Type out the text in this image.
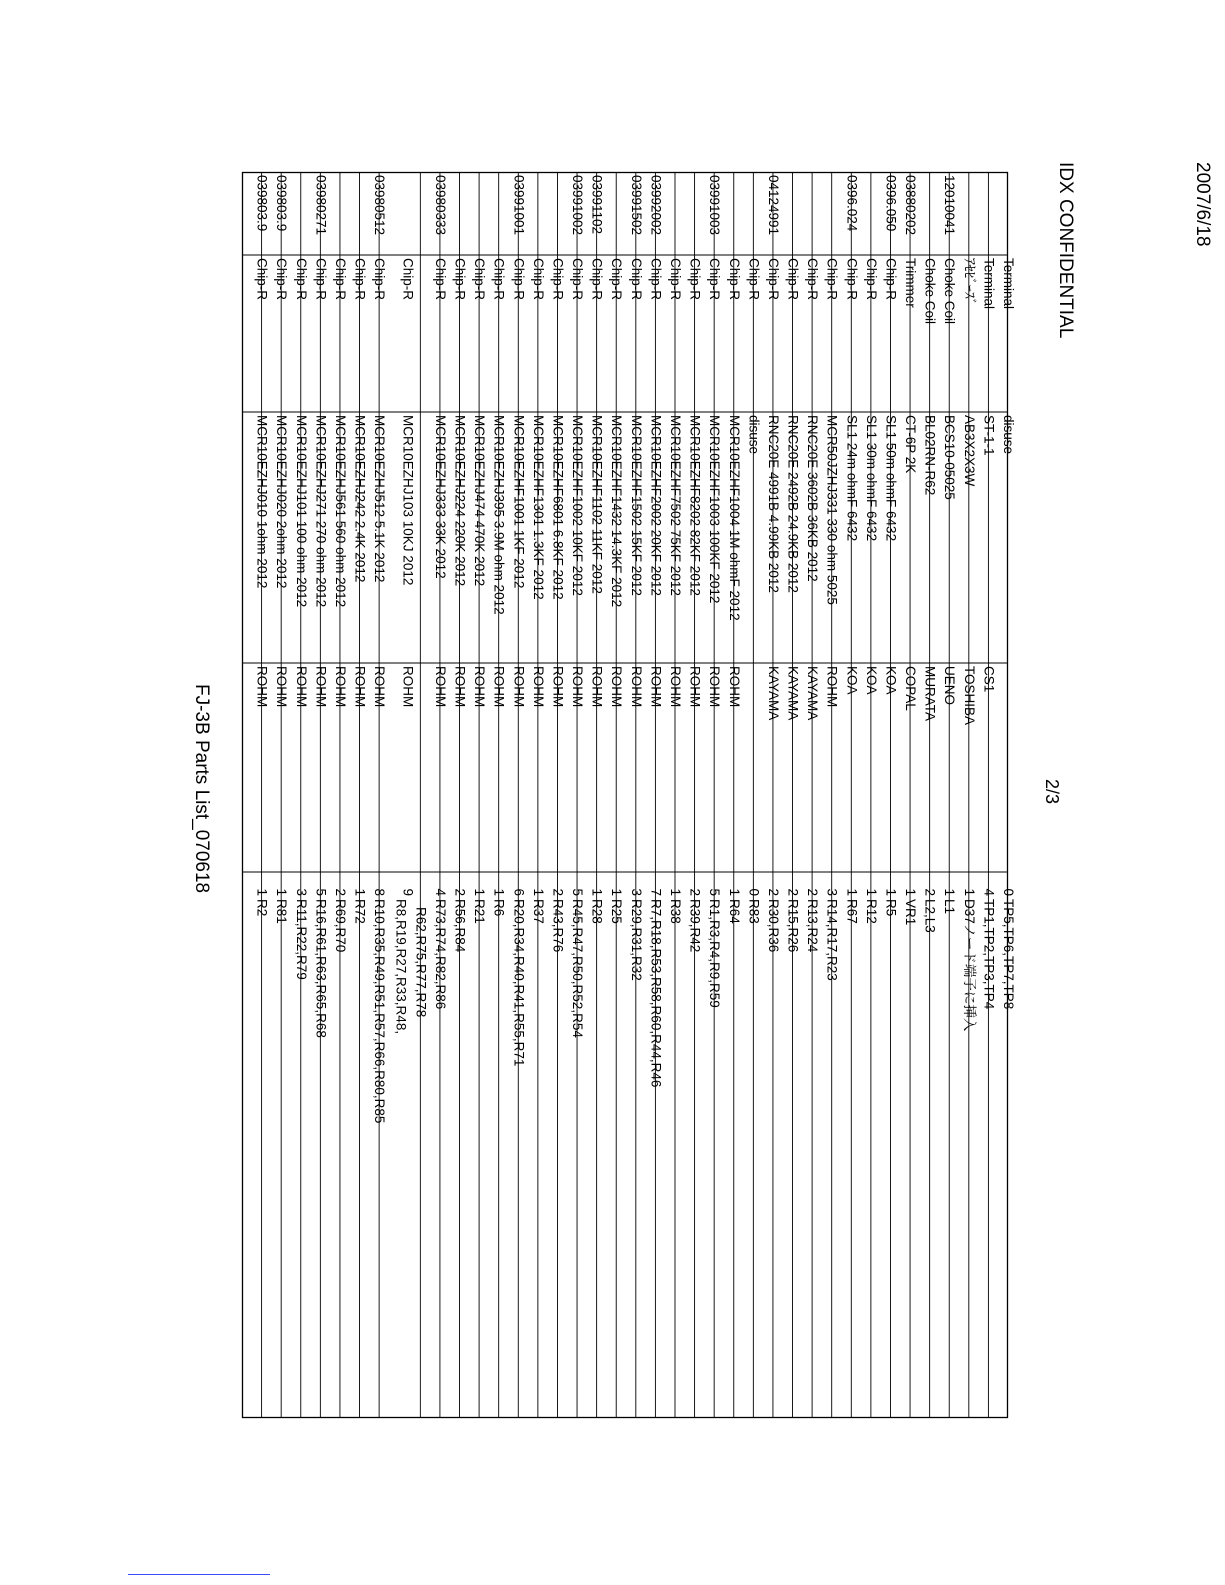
2007/6/18
FJ-3B Parts List_070618	2/3
IDX CONFIDENTIAL
039803.9
Chip-R
MCR10EZHJ010 1ohm 2012
ROHM
1
R2
039803.9
Chip-R
MCR10EZHJ020 2ohm 2012
ROHM
1
R81
Chip-R
MCR10EZHJ101 100 ohm 2012
ROHM
3
R11,R22,R79
03980271
Chip-R
MCR10EZHJ271 270 ohm 2012
ROHM
5
R16,R61,R63,R65,R68
Chip-R
MCR10EZHJ561 560 ohm 2012
ROHM
2
R69,R70
Chip-R
MCR10EZHJ242 2.4K 2012
ROHM
1
R72
03980512
Chip-R
MCR10EZHJ512 5.1K 2012
ROHM
8
R10,R35,R49,R51,R57,R66,R80,R85
Chip-R
MCR10EZHJ103 10KJ 2012
ROHM
9
R8,R19,R27,R33,R48, R62,R75,R77,R78
03980333
Chip-R
MCR10EZHJ333 33K 2012
ROHM
4
R73,R74,R82,R86
Chip-R
MCR10EZHJ224 220K 2012
ROHM
2
R56,R84
Chip-R
MCR10EZHJ474 470K 2012
ROHM
1
R21
Chip-R
MCR10EZHJ395 3.9M ohm 2012
ROHM
1
R6
03991001
Chip-R
MCR10EZHF1001 1KF 2012
ROHM
6
R20,R34,R40,R41,R55,R71
Chip-R
MCR10EZHF1301 1.3KF 2012
ROHM
1
R37
Chip-R
MCR10EZHF6801 6.8KF 2012
ROHM
2
R43,R76
03991002
Chip-R
MCR10EZHF1002 10KF 2012
ROHM
5
R45,R47,R50,R52,R54
03991102
Chip-R
MCR10EZHF1102 11KF 2012
ROHM
1
R28
Chip-R
MCR10EZHF1432 14.3KF 2012
ROHM
1
R25
03991502
Chip-R
MCR10EZHF1502 15KF 2012
ROHM
3
R29,R31,R32
03992002
Chip-R
MCR10EZHF2002 20KF 2012
ROHM
7
R7,R18,R53,R58,R60,R44,R46
Chip-R
MCR10EZHF7502 75KF 2012
ROHM
1
R38
Chip-R
MCR10EZHF8202 82KF 2012
ROHM
2
R39,R42
03991003
Chip-R
MCR10EZHF1003 100KF 2012
ROHM
5
R1,R3,R4,R9,R59
Chip-R
MCR10EZHF1004 1M ohmF 2012
ROHM
1
R64
Chip-R
disuse
0
R83
04124991
Chip-R
RNC20E 4991B 4.99KB 2012
KAYAMA
2
R30,R36
Chip-R
RNC20E 2492B 24.9KB 2012
KAYAMA
2
R15,R26
Chip-R
RNC20E 3602B 36KB 2012
KAYAMA
2
R13,R24
Chip-R
MCR50JZHJ331 330 ohm 5025
ROHM
3
R14,R17,R23
0396.024
Chip-R
SL1 24m ohmF 6432
KOA
1
R67
Chip-R
SL1 30m ohmF 6432
KOA
1
R12
0396.050
Chip-R
SL1 50m ohmF 6432
KOA
1
R5
03880202
Trimmer
CT-6P 2K
COPAL
1
VR1
Choke Coil
BL02RN-R62
MURATA
2
L2,L3
12010041
Choke Coil
BCS10-05025
UENO
1
L1
ｱｾﾋﾞｰｽﾞ
AB3X2X3W
TOSHIBA
1
D37ノード端子に挿入
Terminal
ST-1-1
CS1
4
TP1,TP2,TP3,TP4
Terminal
disuse
0
TP5,TP6,TP7,TP8
